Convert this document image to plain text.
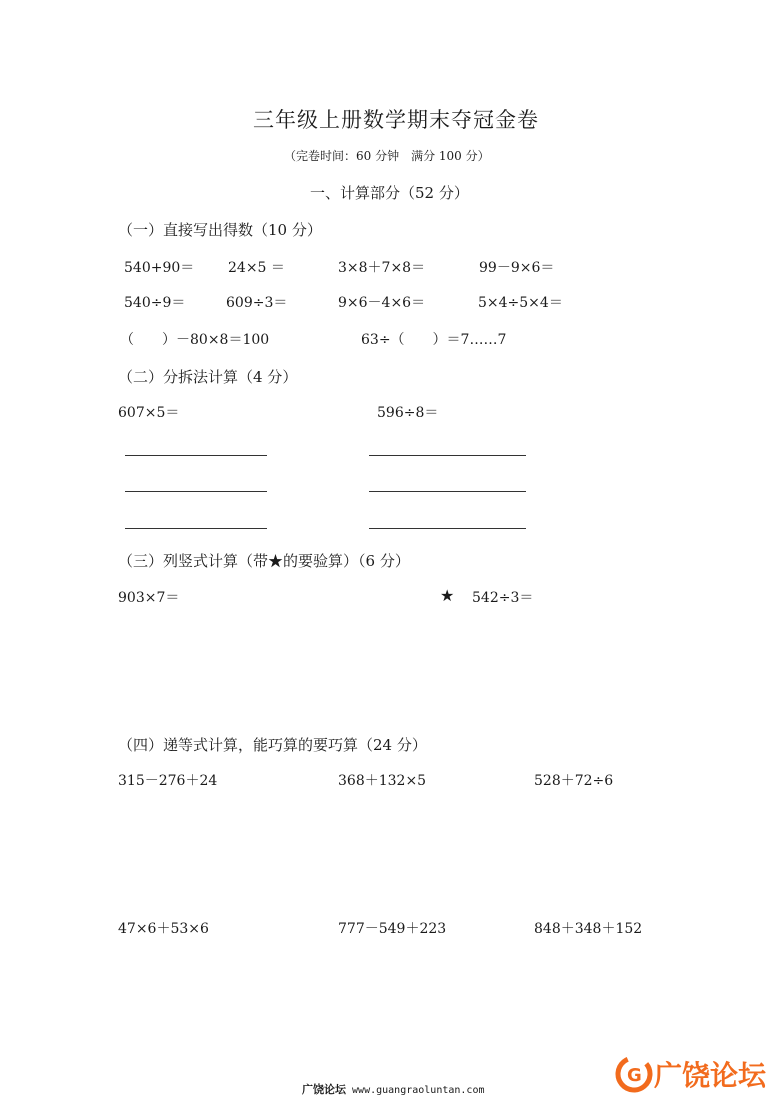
三年级上册数学期末夺冠金卷
（完卷时间：60 分钟　满分 100 分）
一、计算部分（52 分）
（一）直接写出得数（10 分）
540+90＝ 24×5 ＝	3×8＋7×8＝	99－9×6＝
540÷9＝	609÷3＝	9×6－4×6＝	5×4÷5×4＝
（　　）－80×8＝100	63÷（　　）＝7……7
（二）分拆法计算（4 分）
607×5＝	596÷8＝
（三）列竖式计算（带★的要验算）（6 分）
903×7＝	★ 542÷3＝
（四）递等式计算，能巧算的要巧算（24 分）
315－276＋24	368＋132×5	528＋72÷6
47×6＋53×6	777－549＋223	848＋348＋152
广饶论坛 www.guangraoluntan.com
G 广饶论坛
